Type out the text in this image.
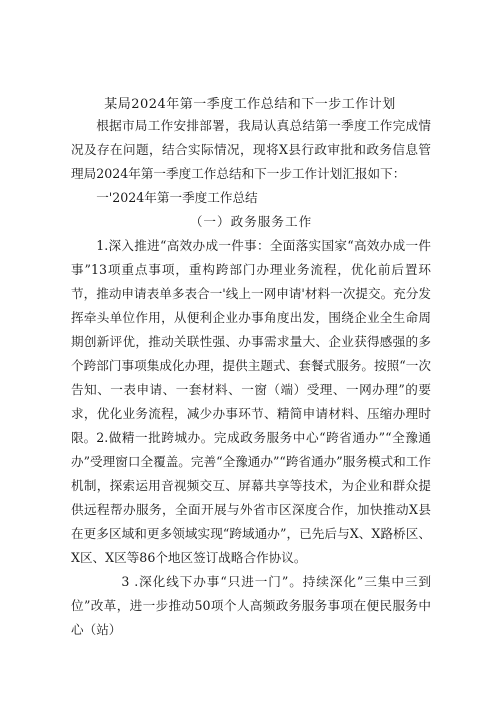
某局2024年第一季度工作总结和下一步工作计划

根据市局工作安排部署，我局认真总结第一季度工作完成情况及存在问题，结合实际情况，现将X县行政审批和政务信息管理局2024年第一季度工作总结和下一步工作计划汇报如下：

一'2024年第一季度工作总结

（一）政务服务工作

1.深入推进“高效办成一件事：全面落实国家“高效办成一件事”13项重点事项，重构跨部门办理业务流程，优化前后置环节，推动申请表单多表合一'线上一网申请'材料一次提交。充分发挥牵头单位作用，从便利企业办事角度出发，围绕企业全生命周期创新评优，推动关联性强、办事需求量大、企业获得感强的多个跨部门事项集成化办理，提供主题式、套餐式服务。按照“一次告知、一表申请、一套材料、一窗（端）受理、一网办理”的要求，优化业务流程，减少办事环节、精简申请材料、压缩办理时限。 2.做精一批跨城办。完成政务服务中心“跨省通办”“全豫通办”受理窗口全覆盖。完善“全豫通办”“跨省通办”服务模式和工作机制，探索运用音视频交互、屏幕共享等技术，为企业和群众提供远程帮办服务，全面开展与外省市区深度合作，加快推动X县在更多区域和更多领域实现“跨域通办”，已先后与X、X路桥区、X区、X区等86个地区签订战略合作协议。

3 .深化线下办事“只进一门”。持续深化”三集中三到位”改革，进一步推动50项个人高频政务服务事项在便民服务中心（站）
